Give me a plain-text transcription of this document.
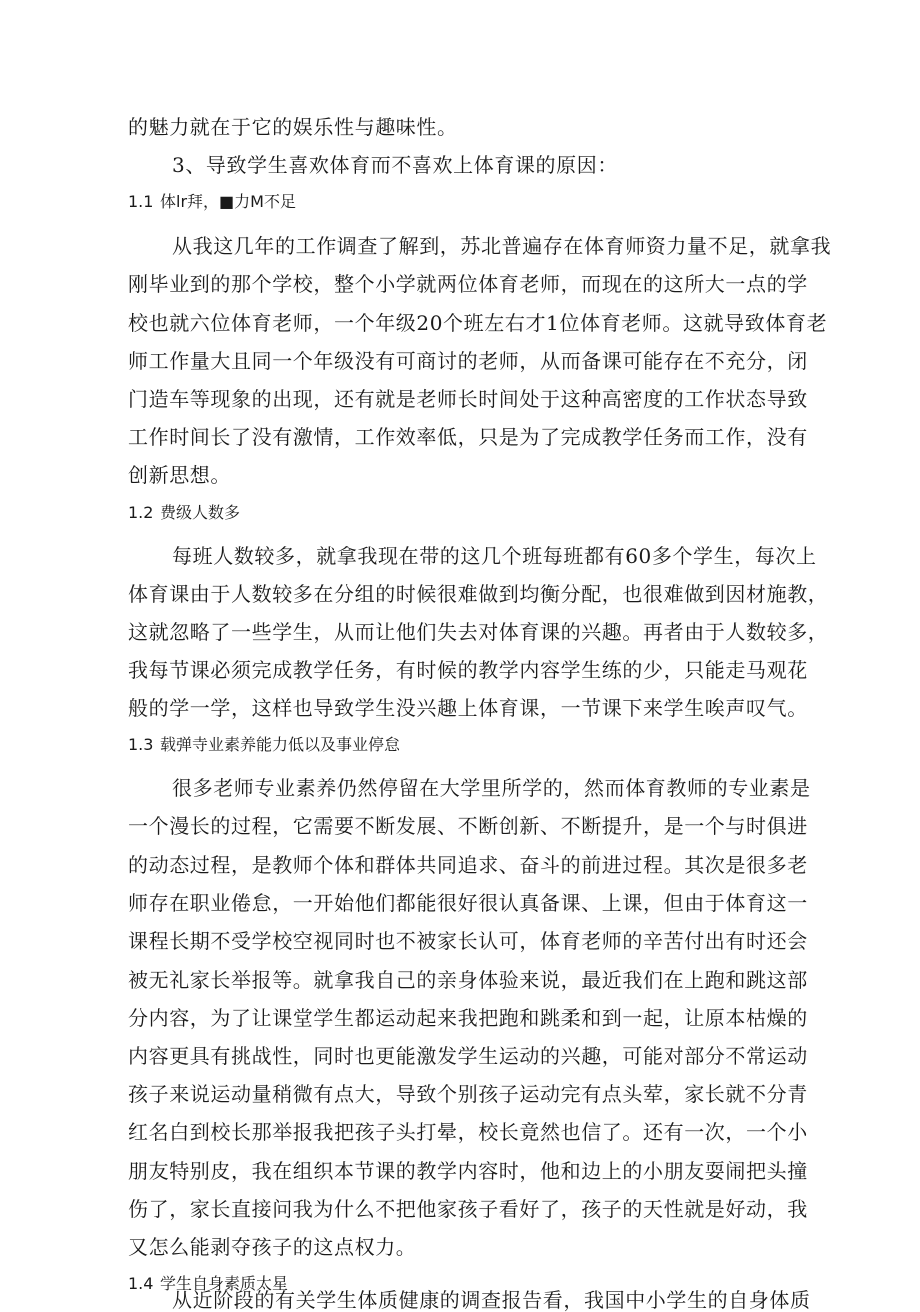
的魅力就在于它的娱乐性与趣味性。
3、导致学生喜欢体育而不喜欢上体育课的原因：
1.1 体lr拜，■力M不足
从我这几年的工作调查了解到，苏北普遍存在体育师资力量不足，就拿我
刚毕业到的那个学校，整个小学就两位体育老师，而现在的这所大一点的学
校也就六位体育老师，一个年级20个班左右才1位体育老师。这就导致体育老
师工作量大且同一个年级没有可商讨的老师，从而备课可能存在不充分，闭
门造车等现象的出现，还有就是老师长时间处于这种高密度的工作状态导致
工作时间长了没有激情，工作效率低，只是为了完成教学任务而工作，没有
创新思想。
1.2 费级人数多
每班人数较多，就拿我现在带的这几个班每班都有60多个学生，每次上
体育课由于人数较多在分组的时候很难做到均衡分配，也很难做到因材施教，
这就忽略了一些学生，从而让他们失去对体育课的兴趣。再者由于人数较多，
我每节课必须完成教学任务，有时候的教学内容学生练的少，只能走马观花
般的学一学，这样也导致学生没兴趣上体育课，一节课下来学生唉声叹气。
1.3 载弹寺业素养能力低以及事业停怠
很多老师专业素养仍然停留在大学里所学的，然而体育教师的专业素是
一个漫长的过程，它需要不断发展、不断创新、不断提升，是一个与时俱进
的动态过程，是教师个体和群体共同追求、奋斗的前进过程。其次是很多老
师存在职业倦怠，一开始他们都能很好很认真备课、上课，但由于体育这一
课程长期不受学校空视同时也不被家长认可，体育老师的辛苦付出有时还会
被无礼家长举报等。就拿我自己的亲身体验来说，最近我们在上跑和跳这部
分内容，为了让课堂学生都运动起来我把跑和跳柔和到一起，让原本枯燥的
内容更具有挑战性，同时也更能激发学生运动的兴趣，可能对部分不常运动
孩子来说运动量稍微有点大，导致个别孩子运动完有点头荤，家长就不分青
红名白到校长那举报我把孩子头打晕，校长竟然也信了。还有一次，一个小
朋友特别皮，我在组织本节课的教学内容时，他和边上的小朋友耍闹把头撞
伤了，家长直接问我为什么不把他家孩子看好了，孩子的天性就是好动，我
又怎么能剥夺孩子的这点权力。
1.4 学生自身素质太星
从近阶段的有关学生体质健康的调查报告看，我国中小学生的自身体质
